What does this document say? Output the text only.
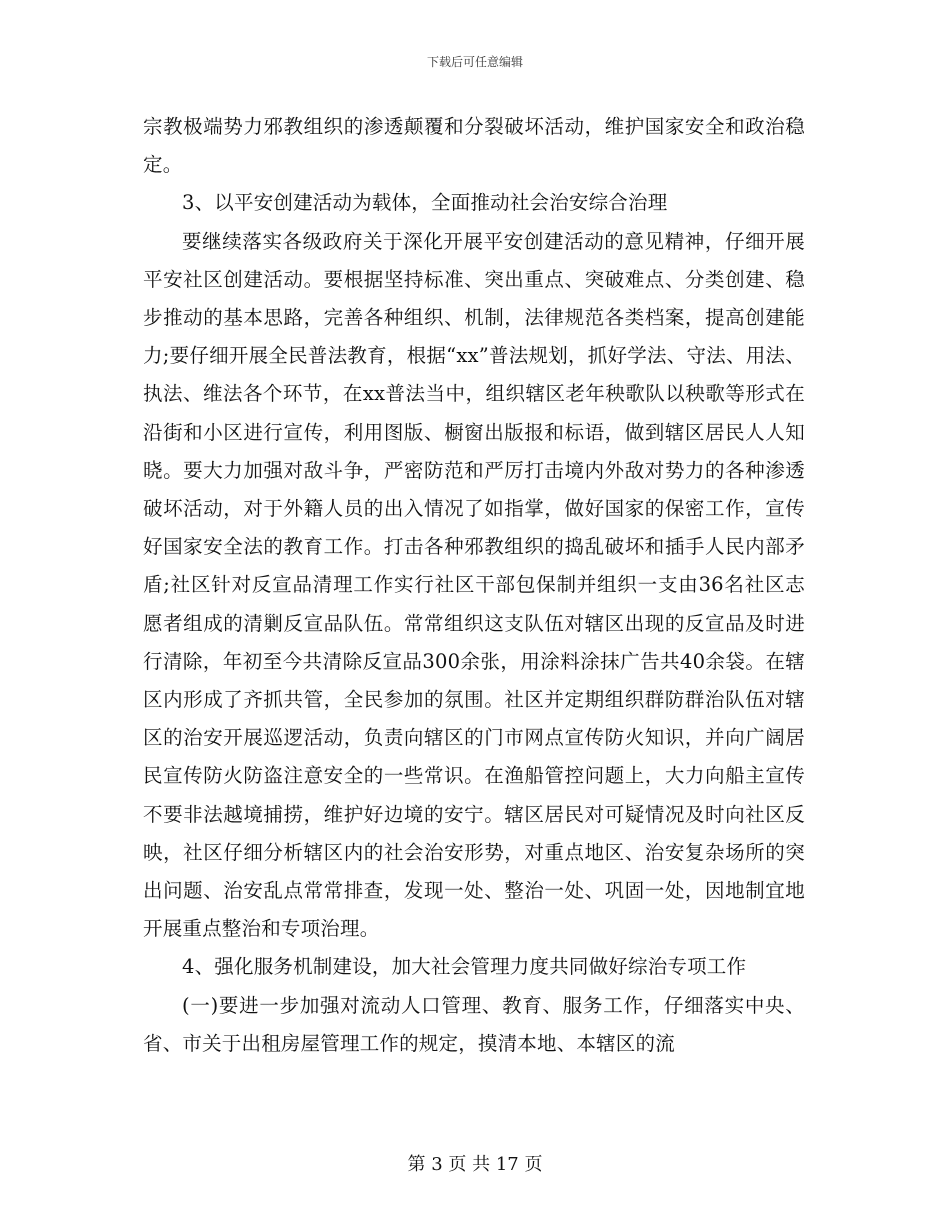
下载后可任意编辑

宗教极端势力邪教组织的渗透颠覆和分裂破坏活动，维护国家安全和政治稳定。

3、以平安创建活动为载体，全面推动社会治安综合治理

要继续落实各级政府关于深化开展平安创建活动的意见精神，仔细开展平安社区创建活动。要根据坚持标准、突出重点、突破难点、分类创建、稳步推动的基本思路，完善各种组织、机制，法律规范各类档案，提高创建能力;要仔细开展全民普法教育，根据“xx”普法规划，抓好学法、守法、用法、执法、维法各个环节，在xx普法当中，组织辖区老年秧歌队以秧歌等形式在沿街和小区进行宣传，利用图版、橱窗出版报和标语，做到辖区居民人人知晓。要大力加强对敌斗争，严密防范和严厉打击境内外敌对势力的各种渗透破坏活动，对于外籍人员的出入情况了如指掌，做好国家的保密工作，宣传好国家安全法的教育工作。打击各种邪教组织的捣乱破坏和插手人民内部矛盾;社区针对反宣品清理工作实行社区干部包保制并组织一支由36名社区志愿者组成的清剿反宣品队伍。常常组织这支队伍对辖区出现的反宣品及时进行清除，年初至今共清除反宣品300余张，用涂料涂抹广告共40余袋。在辖区内形成了齐抓共管，全民参加的氛围。社区并定期组织群防群治队伍对辖区的治安开展巡逻活动，负责向辖区的门市网点宣传防火知识，并向广阔居民宣传防火防盗注意安全的一些常识。在渔船管控问题上，大力向船主宣传不要非法越境捕捞，维护好边境的安宁。辖区居民对可疑情况及时向社区反映，社区仔细分析辖区内的社会治安形势，对重点地区、治安复杂场所的突出问题、治安乱点常常排查，发现一处、整治一处、巩固一处，因地制宜地开展重点整治和专项治理。

4、强化服务机制建设，加大社会管理力度共同做好综治专项工作

(一)要进一步加强对流动人口管理、教育、服务工作，仔细落实中央、省、市关于出租房屋管理工作的规定，摸清本地、本辖区的流

第 3 页 共 17 页
